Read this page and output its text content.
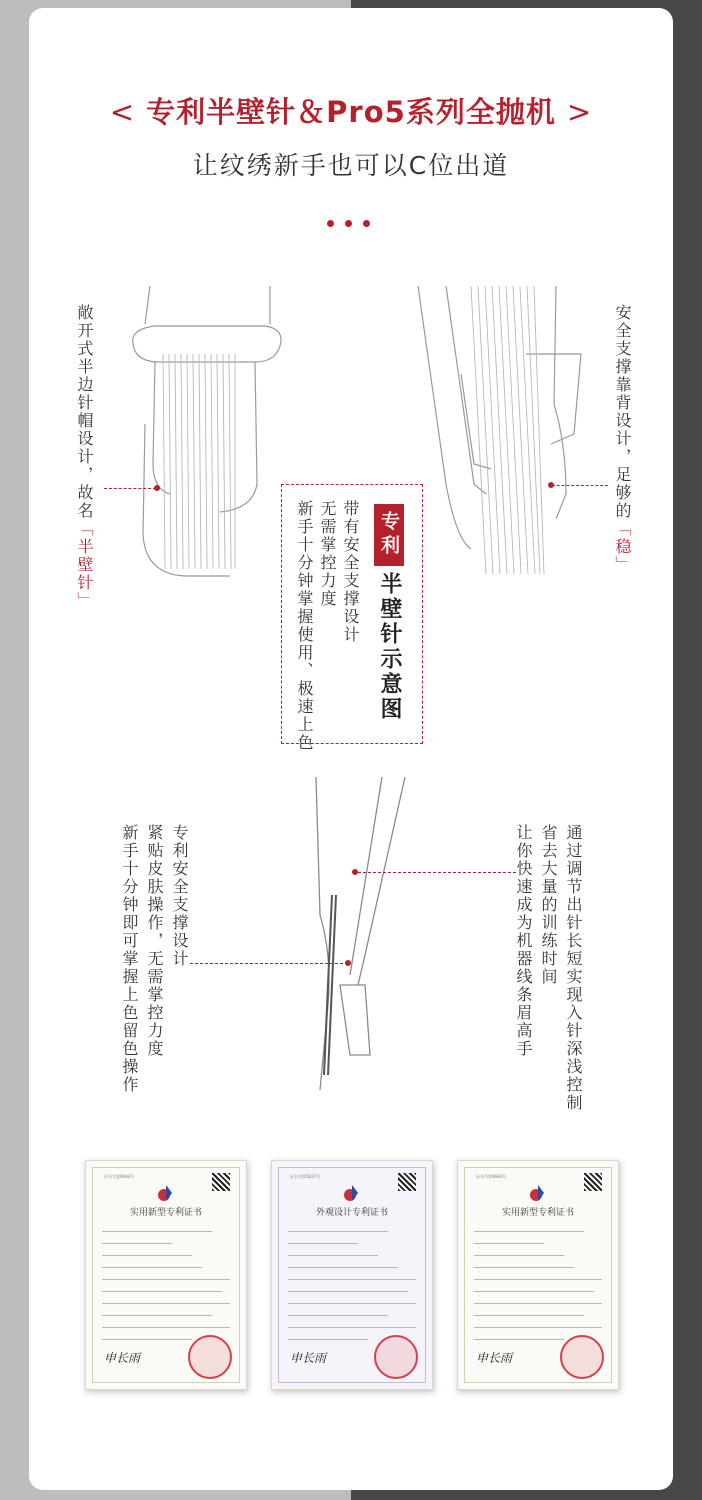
< 专利半壁针＆Pro5系列全抛机 >
让纹绣新手也可以C位出道
敞开式半边针帽设计，故名「半壁针」
安全支撑靠背设计，足够的「稳」
专利
半壁针示意图
带有安全支撑设计
无需掌控力度
新手十分钟掌握使用、极速上色
专利安全支撑设计
紧贴皮肤操作，无需掌控力度
新手十分钟即可掌握上色留色操作	通过调节出针长短实现入针深浅控制
省去大量的训练时间
让你快速成为机器线条眉高手
证书号第9683号
实用新型专利证书
申长雨
证书号第5627号
外观设计专利证书
申长雨
证书号第9684号
实用新型专利证书
申长雨
